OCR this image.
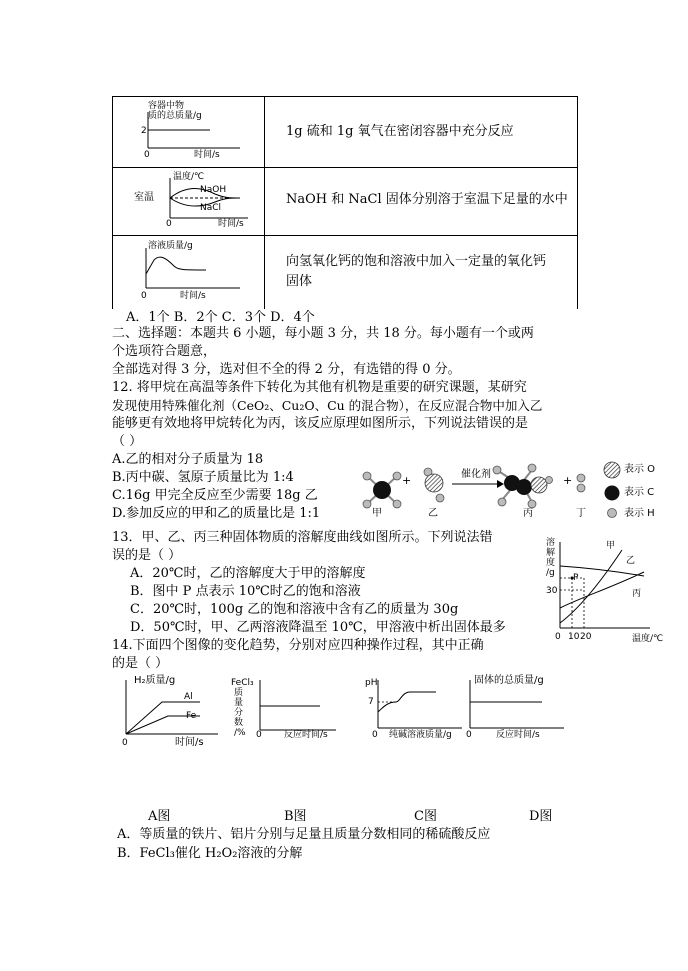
容器中物
质的总质量/g
2
0	时间/s
1g 硫和 1g 氧气在密闭容器中充分反应
温度/℃
室温
NaOH
NaCl
0	时间/s
NaOH 和 NaCl 固体分别溶于室温下足量的水中
溶液质量/g
0	时间/s
向氢氧化钙的饱和溶液中加入一定量的氧化钙
固体
A．1个 B．2个 C．3个 D．4个
二、选择题：本题共 6 小题，每小题 3 分，共 18 分。每小题有一个或两
个选项符合题意，
全部选对得 3 分，选对但不全的得 2 分，有选错的得 0 分。
12. 将甲烷在高温等条件下转化为其他有机物是重要的研究课题，某研究
发现使用特殊催化剂（CeO₂、Cu₂O、Cu 的混合物），在反应混合物中加入乙
能够更有效地将甲烷转化为丙，该反应原理如图所示，下列说法错误的是
（ ）
A.乙的相对分子质量为 18
B.丙中碳、氢原子质量比为 1:4
C.16g 甲完全反应至少需要 18g 乙
D.参加反应的甲和乙的质量比是 1:1
+	+
催化剂
甲	乙	丙	丁
表示 O
表示 C
表示 H
13．甲、乙、丙三种固体物质的溶解度曲线如图所示。下列说法错
误的是（ ）
A．20℃时，乙的溶解度大于甲的溶解度
B．图中 P 点表示 10℃时乙的饱和溶液
C．20℃时，100g 乙的饱和溶液中含有乙的质量为 30g
D．50℃时，甲、乙两溶液降温至 10℃，甲溶液中析出固体最多
溶
解
度
/g
30
P
甲
乙
丙
0 10 20	温度/℃
14.下面四个图像的变化趋势，分别对应四种操作过程，其中正确
的是（ ）
H₂质量/g
Al
Fe
0	时间/s
FeCl₃
质
量
分
数
/% 0 反应时间/s
pH
7
0 纯碱溶液质量/g
固体的总质量/g
0	反应时间/s
A图	B图	C图	D图
A．等质量的铁片、铝片分别与足量且质量分数相同的稀硫酸反应
B．FeCl₃催化 H₂O₂溶液的分解
